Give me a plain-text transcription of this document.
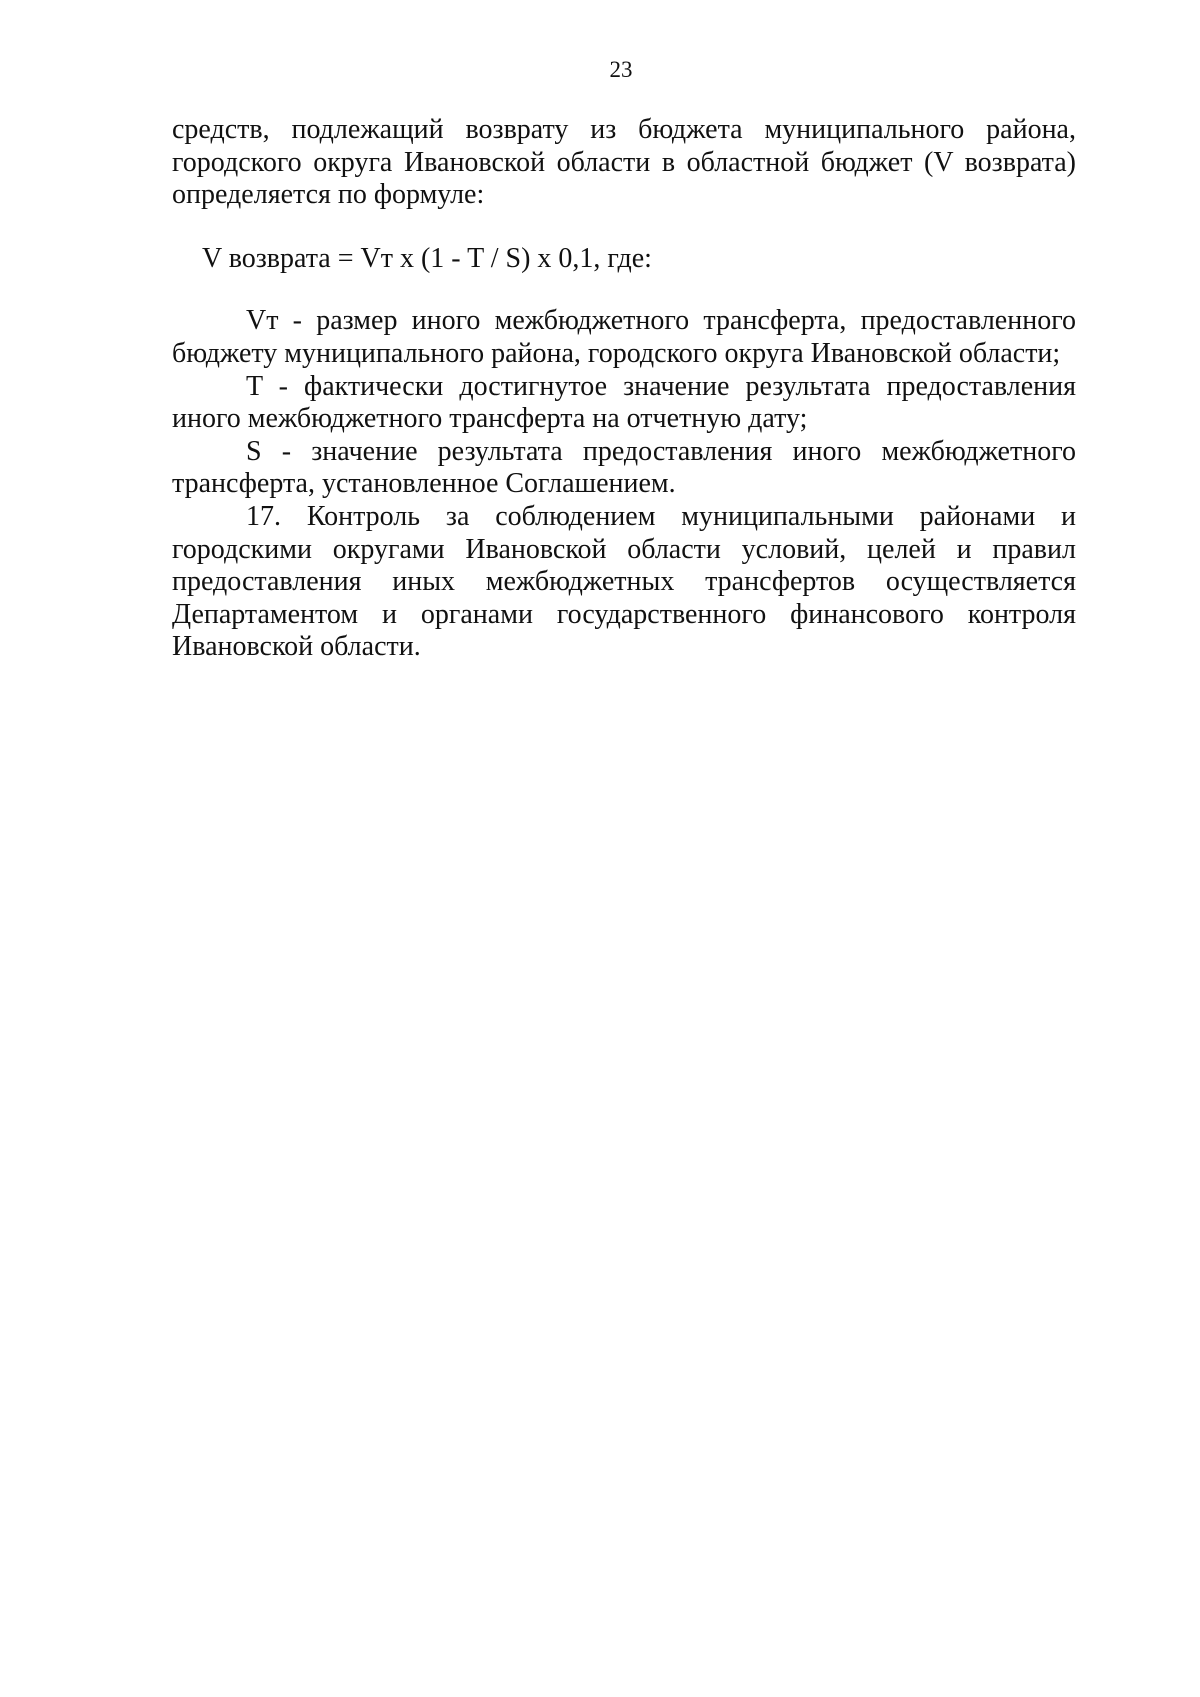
23

средств, подлежащий возврату из бюджета муниципального района, городского округа Ивановской области в областной бюджет (V возврата) определяется по формуле:

V возврата = Vт x (1 - T / S) x 0,1, где:

Vт - размер иного межбюджетного трансферта, предоставленного бюджету муниципального района, городского округа Ивановской области;

T - фактически достигнутое значение результата предоставления иного межбюджетного трансферта на отчетную дату;

S - значение результата предоставления иного межбюджетного трансферта, установленное Соглашением.

17. Контроль за соблюдением муниципальными районами и городскими округами Ивановской области условий, целей и правил предоставления иных межбюджетных трансфертов осуществляется Департаментом и органами государственного финансового контроля Ивановской области.
